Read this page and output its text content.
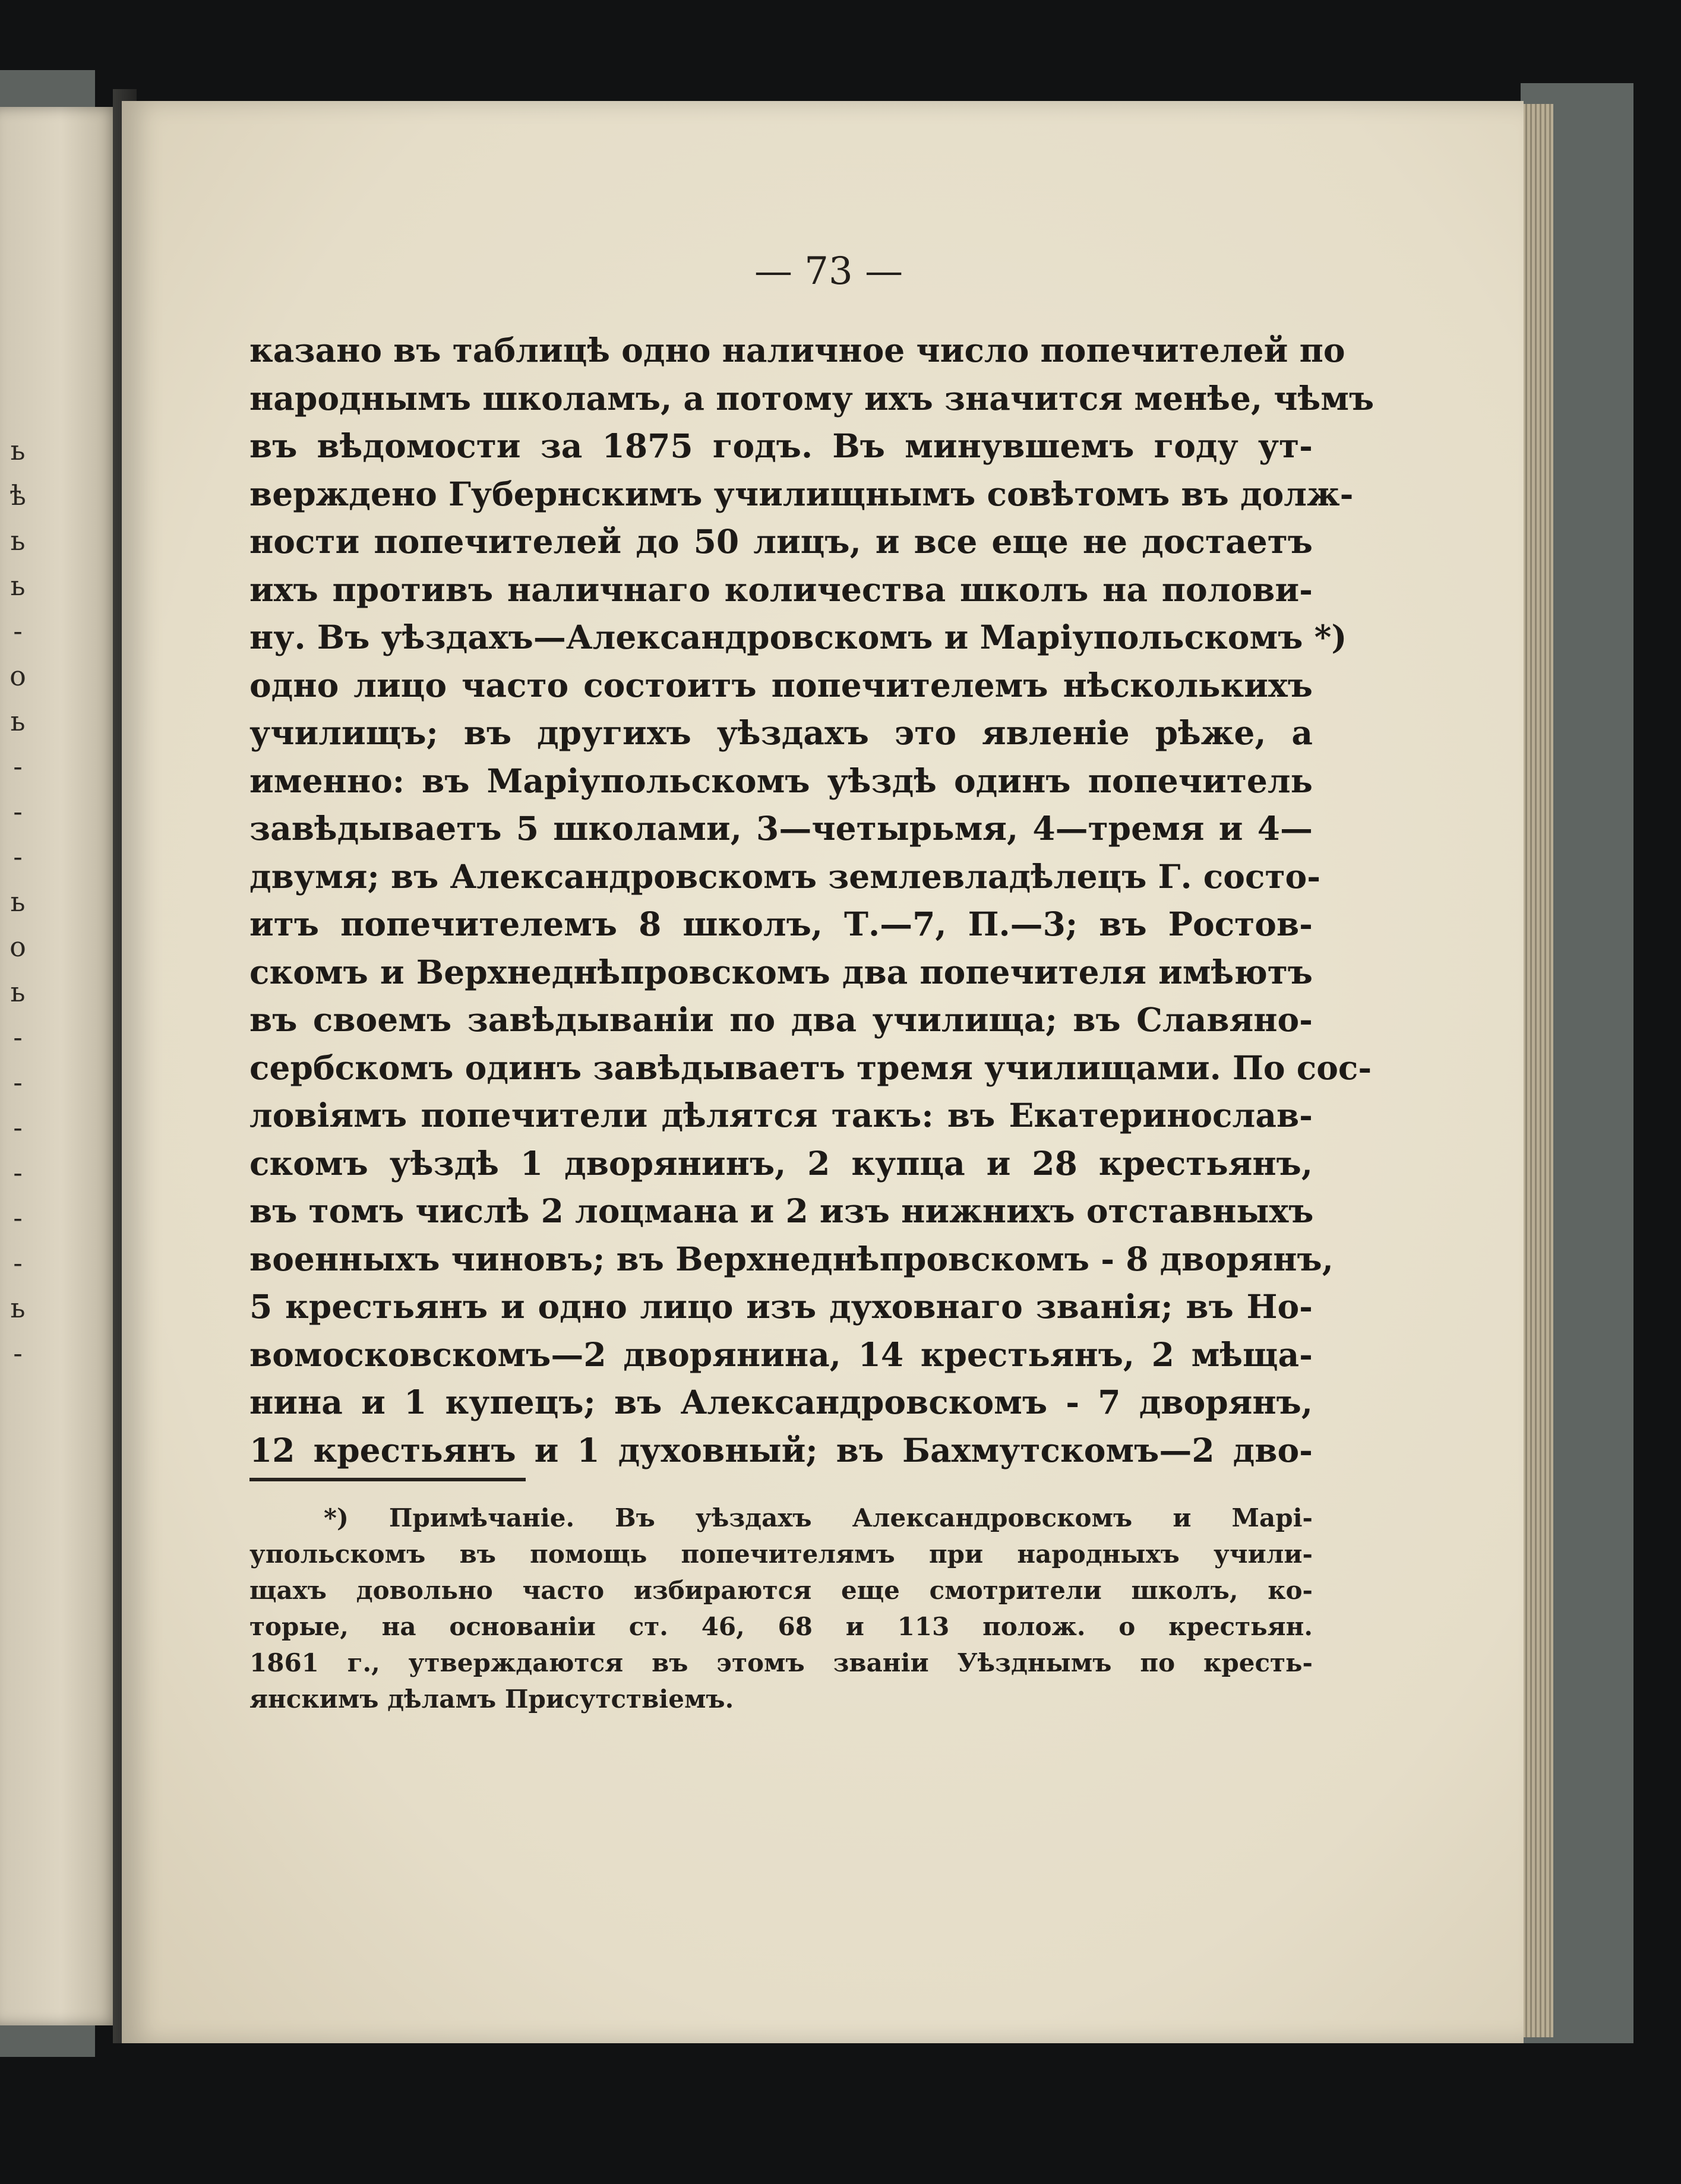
ь
ѣ
ь
ь
-
о
ь
-
-
-
ь
о
ь
-
-
-
-
-
-
ь
-
— 73 —
казано въ таблицѣ одно наличное число попечителей по
народнымъ школамъ, а потому ихъ значится менѣе, чѣмъ
въ вѣдомости за 1875 годъ. Въ минувшемъ году ут-
верждено Губернскимъ училищнымъ совѣтомъ въ долж-
ности попечителей до 50 лицъ, и все еще не достаетъ
ихъ противъ наличнаго количества школъ на полови-
ну. Въ уѣздахъ—Александровскомъ и Маріупольскомъ *)
одно лицо часто состоитъ попечителемъ нѣсколькихъ
училищъ; въ другихъ уѣздахъ это явленіе рѣже, а
именно: въ Маріупольскомъ уѣздѣ одинъ попечитель
завѣдываетъ 5 школами, 3—четырьмя, 4—тремя и 4—
двумя; въ Александровскомъ землевладѣлецъ Г. состо-
итъ попечителемъ 8 школъ, Т.—7, П.—3; въ Ростов-
скомъ и Верхнеднѣпровскомъ два попечителя имѣютъ
въ своемъ завѣдываніи по два училища; въ Славяно-
сербскомъ одинъ завѣдываетъ тремя училищами. По сос-
ловіямъ попечители дѣлятся такъ: въ Екатеринослав-
скомъ уѣздѣ 1 дворянинъ, 2 купца и 28 крестьянъ,
въ томъ числѣ 2 лоцмана и 2 изъ нижнихъ отставныхъ
военныхъ чиновъ; въ Верхнеднѣпровскомъ - 8 дворянъ,
5 крестьянъ и одно лицо изъ духовнаго званія; въ Но-
вомосковскомъ—2 дворянина, 14 крестьянъ, 2 мѣща-
нина и 1 купецъ; въ Александровскомъ - 7 дворянъ,
12 крестьянъ и 1 духовный; въ Бахмутскомъ—2 дво-
*) Примѣчаніе. Въ уѣздахъ Александровскомъ и Марі-
упольскомъ въ помощь попечителямъ при народныхъ учили-
щахъ довольно часто избираются еще смотрители школъ, ко-
торые, на основаніи ст. 46, 68 и 113 полож. о крестьян.
1861 г., утверждаются въ этомъ званіи Уѣзднымъ по кресть-
янскимъ дѣламъ Присутствіемъ.
